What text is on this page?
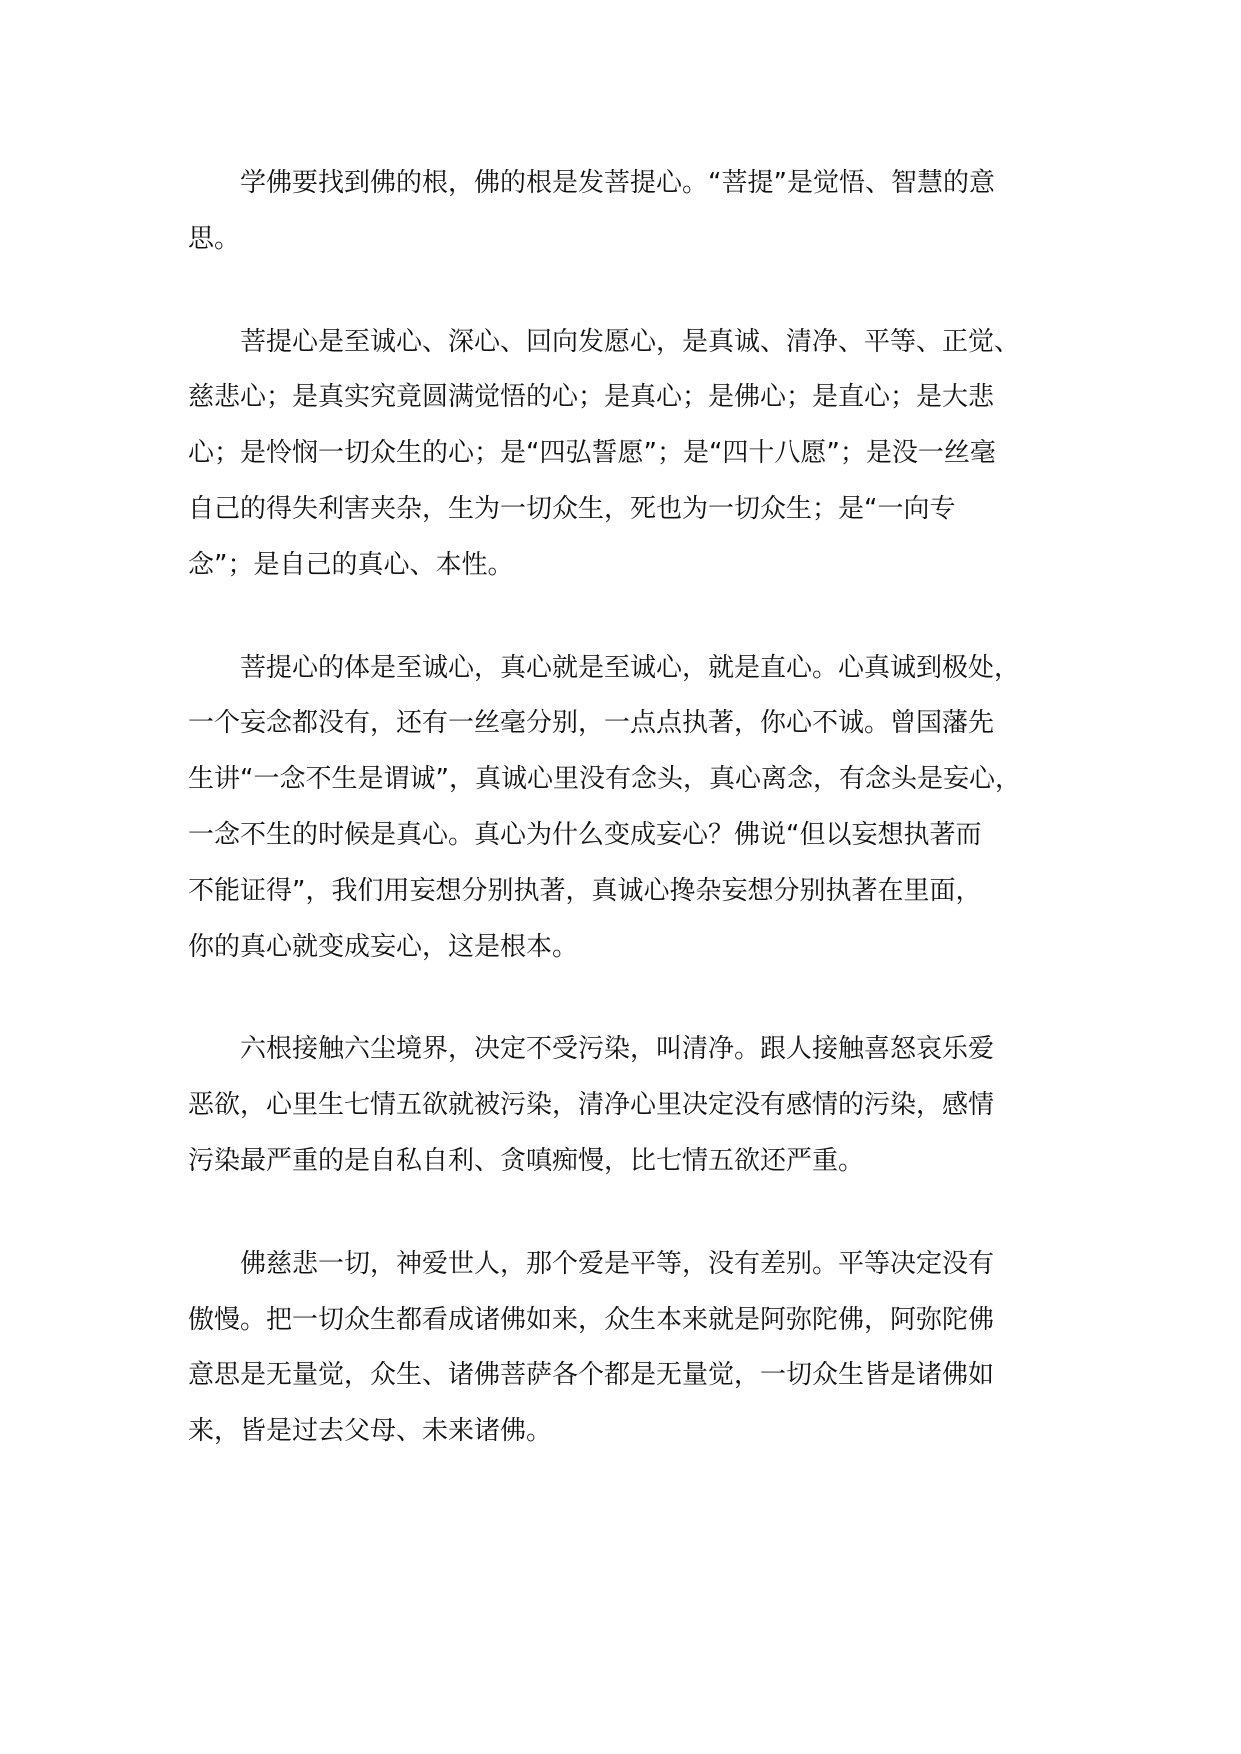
　　学佛要找到佛的根，佛的根是发菩提心。“菩提”是觉悟、智慧的意
思。

　　菩提心是至诚心、深心、回向发愿心，是真诚、清净、平等、正觉、
慈悲心；是真实究竟圆满觉悟的心；是真心；是佛心；是直心；是大悲
心；是怜悯一切众生的心；是“四弘誓愿”；是“四十八愿”；是没一丝毫
自己的得失利害夹杂，生为一切众生，死也为一切众生；是“一向专
念”；是自己的真心、本性。

　　菩提心的体是至诚心，真心就是至诚心，就是直心。心真诚到极处，
一个妄念都没有，还有一丝毫分别，一点点执著，你心不诚。曾国藩先
生讲“一念不生是谓诚”，真诚心里没有念头，真心离念，有念头是妄心，
一念不生的时候是真心。真心为什么变成妄心？佛说“但以妄想执著而
不能证得”，我们用妄想分别执著，真诚心搀杂妄想分别执著在里面，
你的真心就变成妄心，这是根本。

　　六根接触六尘境界，决定不受污染，叫清净。跟人接触喜怒哀乐爱
恶欲，心里生七情五欲就被污染，清净心里决定没有感情的污染，感情
污染最严重的是自私自利、贪嗔痴慢，比七情五欲还严重。

　　佛慈悲一切，神爱世人，那个爱是平等，没有差别。平等决定没有
傲慢。把一切众生都看成诸佛如来，众生本来就是阿弥陀佛，阿弥陀佛
意思是无量觉，众生、诸佛菩萨各个都是无量觉，一切众生皆是诸佛如
来，皆是过去父母、未来诸佛。
